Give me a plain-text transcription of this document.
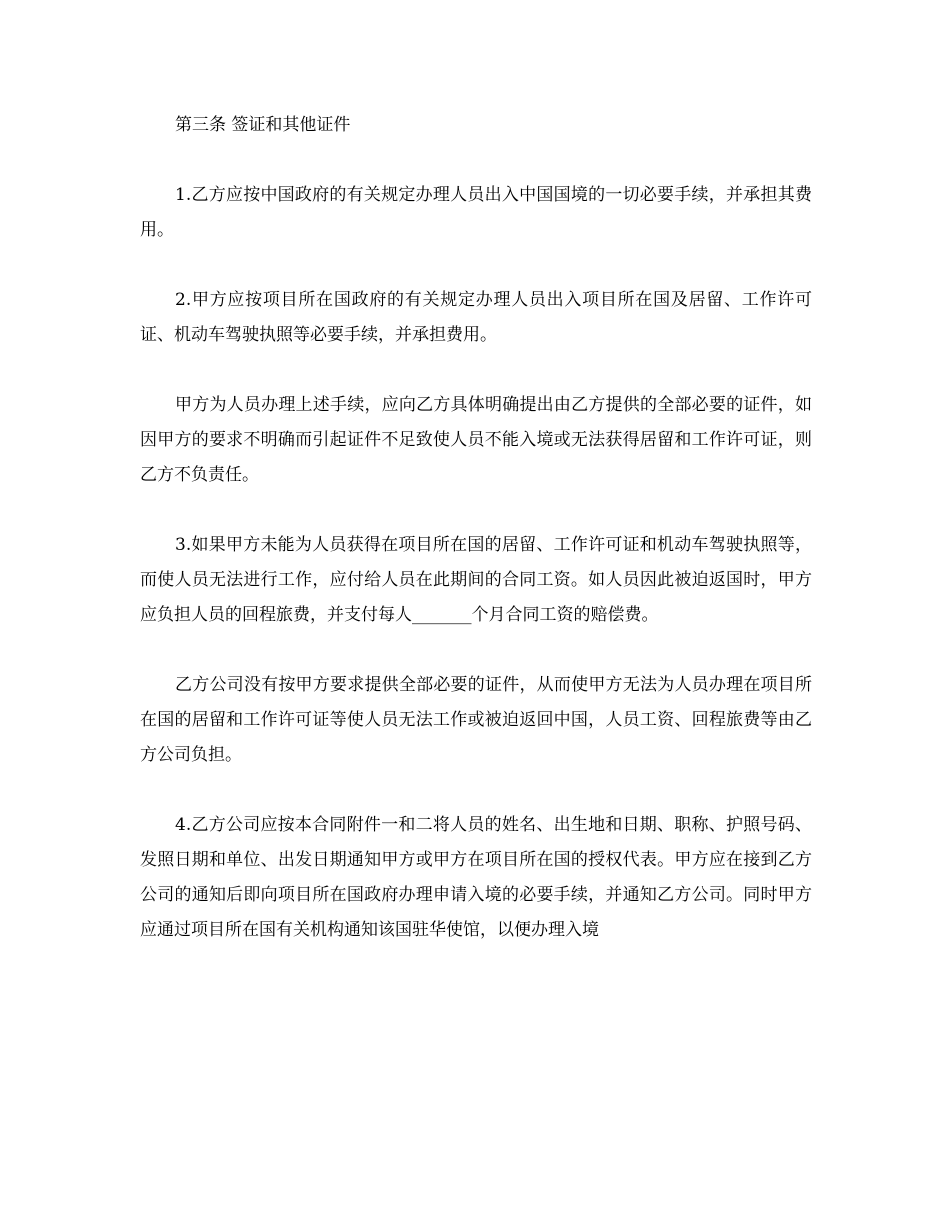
第三条 签证和其他证件

1.乙方应按中国政府的有关规定办理人员出入中国国境的一切必要手续，并承担其费用。

2.甲方应按项目所在国政府的有关规定办理人员出入项目所在国及居留、工作许可证、机动车驾驶执照等必要手续，并承担费用。

甲方为人员办理上述手续，应向乙方具体明确提出由乙方提供的全部必要的证件，如因甲方的要求不明确而引起证件不足致使人员不能入境或无法获得居留和工作许可证，则乙方不负责任。

3.如果甲方未能为人员获得在项目所在国的居留、工作许可证和机动车驾驶执照等，而使人员无法进行工作，应付给人员在此期间的合同工资。如人员因此被迫返国时，甲方应负担人员的回程旅费，并支付每人_______个月合同工资的赔偿费。

乙方公司没有按甲方要求提供全部必要的证件，从而使甲方无法为人员办理在项目所在国的居留和工作许可证等使人员无法工作或被迫返回中国，人员工资、回程旅费等由乙方公司负担。

4.乙方公司应按本合同附件一和二将人员的姓名、出生地和日期、职称、护照号码、发照日期和单位、出发日期通知甲方或甲方在项目所在国的授权代表。甲方应在接到乙方公司的通知后即向项目所在国政府办理申请入境的必要手续，并通知乙方公司。同时甲方应通过项目所在国有关机构通知该国驻华使馆，以便办理入境
